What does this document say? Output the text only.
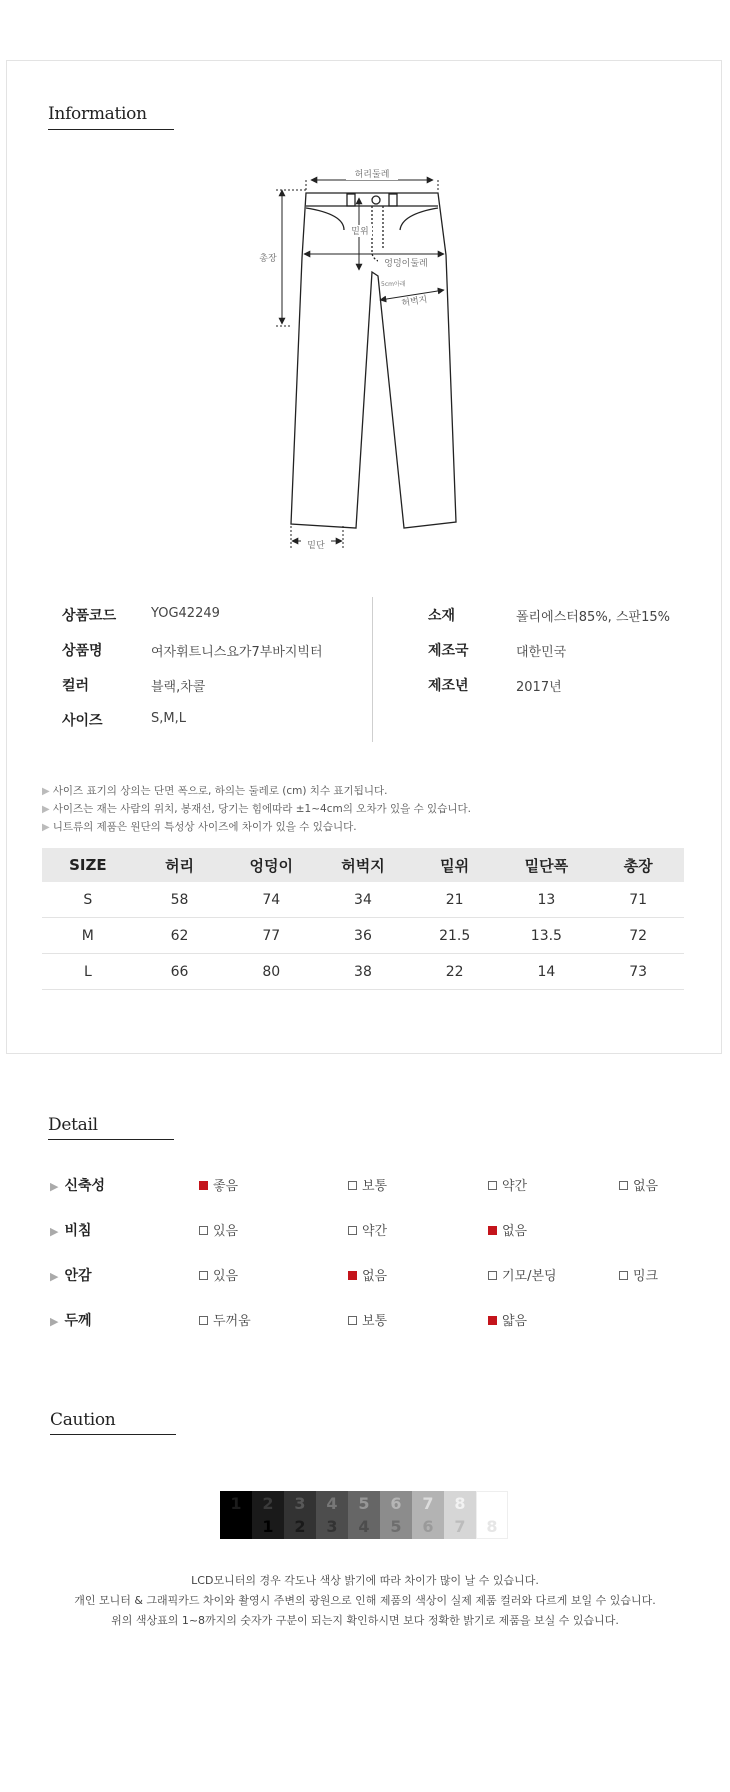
Information
허리둘레
총장
밑위
엉덩이둘레
5cm아래
허벅지
밑단
상품코드	YOG42249
상품명	여자휘트니스요가7부바지빅터
컬러	블랙,차콜
사이즈	S,M,L
소재	폴리에스터85%, 스판15%
제조국	대한민국
제조년	2017년
▶ 사이즈 표기의 상의는 단면 폭으로, 하의는 둘레로 (cm) 치수 표기됩니다.
▶ 사이즈는 재는 사람의 위치, 봉재선, 당기는 힘에따라 ±1~4cm의 오차가 있을 수 있습니다.
▶ 니트류의 제품은 원단의 특성상 사이즈에 차이가 있을 수 있습니다.
SIZE	허리	엉덩이	허벅지	밑위	밑단폭	총장
S	58	74	34	21	13	71
M	62	77	36	21.5	13.5	72
L	66	80	38	22	14	73
Detail
▶ 신축성	좋음	보통	약간	없음
▶ 비침	있음	약간	없음
▶ 안감	있음	없음	기모/본딩	밍크
▶ 두께	두꺼움	보통	얇음
Caution
1	2
1
3
2
4
3
5
4
6
5
7
6
8
7	8
LCD모니터의 경우 각도나 색상 밝기에 따라 차이가 많이 날 수 있습니다.
개인 모니터 & 그래픽카드 차이와 촬영시 주변의 광원으로 인해 제품의 색상이 실제 제품 컬러와 다르게 보일 수 있습니다.
위의 색상표의 1~8까지의 숫자가 구분이 되는지 확인하시면 보다 정확한 밝기로 제품을 보실 수 있습니다.
